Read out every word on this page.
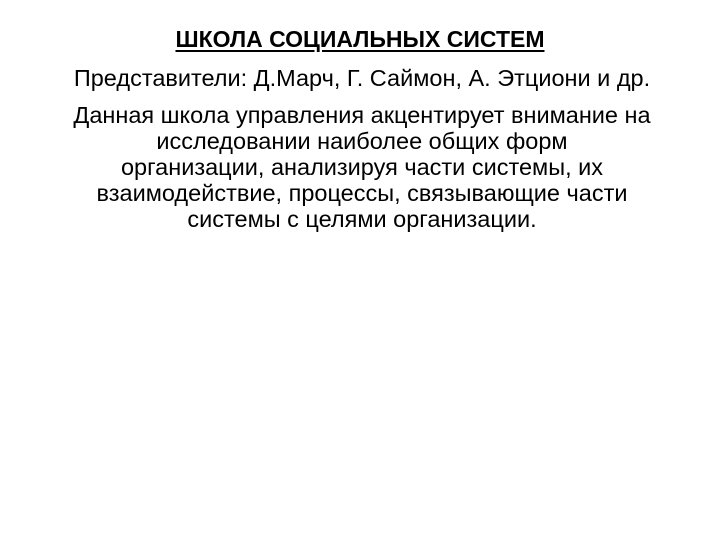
ШКОЛА СОЦИАЛЬНЫХ СИСТЕМ

Представители: Д.Марч, Г. Саймон, А. Этциони и др.

Данная школа управления акцентирует внимание на

исследовании наиболее общих форм

организации, анализируя части системы, их

взаимодействие, процессы, связывающие части

системы с целями организации.
